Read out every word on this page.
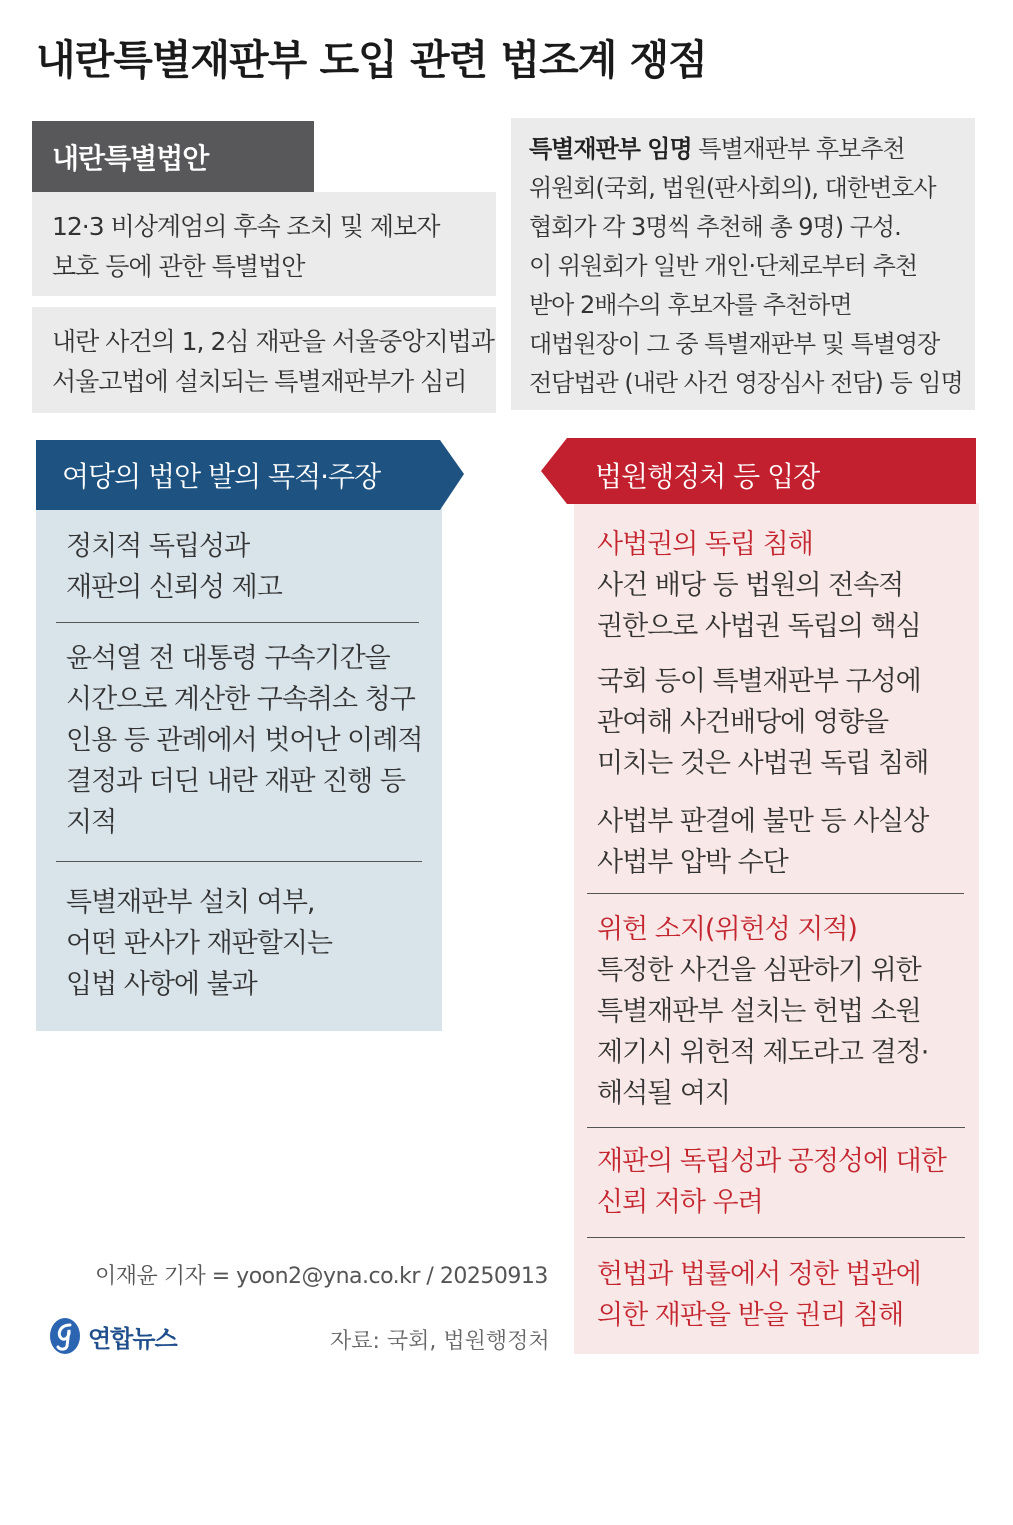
내란특별재판부 도입 관련 법조계 쟁점
내란특별법안
12·3 비상계엄의 후속 조치 및 제보자
보호 등에 관한 특별법안
내란 사건의 1, 2심 재판을 서울중앙지법과
서울고법에 설치되는 특별재판부가 심리
특별재판부 임명 특별재판부 후보추천
위원회(국회, 법원(판사회의), 대한변호사
협회가 각 3명씩 추천해 총 9명) 구성.
이 위원회가 일반 개인·단체로부터 추천
받아 2배수의 후보자를 추천하면
대법원장이 그 중 특별재판부 및 특별영장
전담법관 (내란 사건 영장심사 전담) 등 임명
여당의 법안 발의 목적·주장
정치적 독립성과
재판의 신뢰성 제고
윤석열 전 대통령 구속기간을
시간으로 계산한 구속취소 청구
인용 등 관례에서 벗어난 이례적
결정과 더딘 내란 재판 진행 등
지적
특별재판부 설치 여부,
어떤 판사가 재판할지는
입법 사항에 불과
법원행정처 등 입장
사법권의 독립 침해
사건 배당 등 법원의 전속적
권한으로 사법권 독립의 핵심
국회 등이 특별재판부 구성에
관여해 사건배당에 영향을
미치는 것은 사법권 독립 침해
사법부 판결에 불만 등 사실상
사법부 압박 수단
위헌 소지(위헌성 지적)
특정한 사건을 심판하기 위한
특별재판부 설치는 헌법 소원
제기시 위헌적 제도라고 결정·
해석될 여지
재판의 독립성과 공정성에 대한
신뢰 저하 우려
헌법과 법률에서 정한 법관에
의한 재판을 받을 권리 침해
이재윤 기자 = yoon2@yna.co.kr / 20250913
연합뉴스	자료: 국회, 법원행정처
